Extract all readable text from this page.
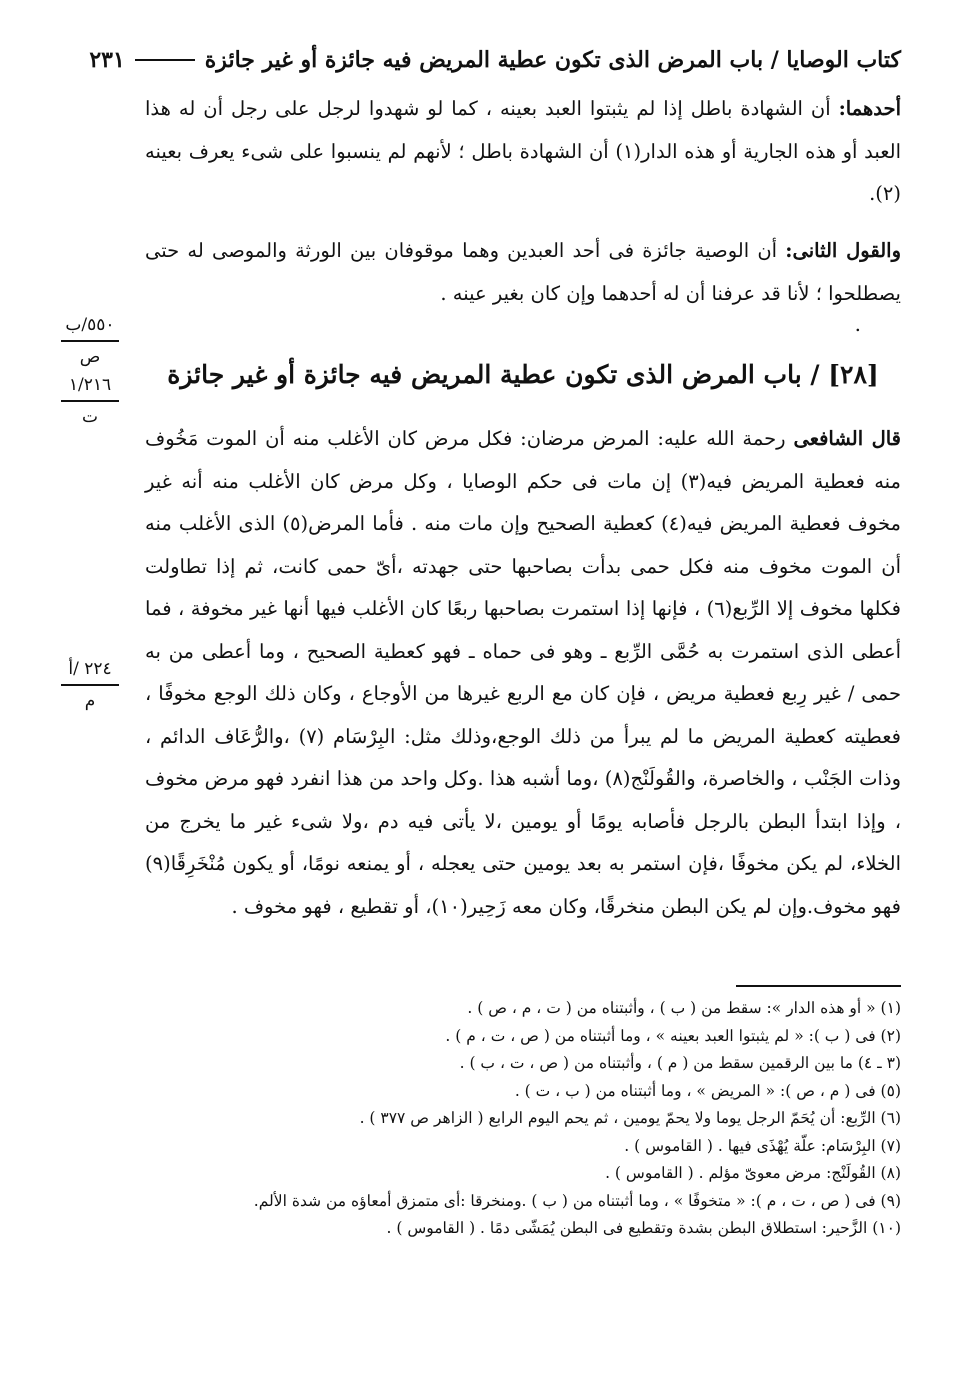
كتاب الوصايا / باب المرض الذى تكون عطية المريض فيه جائزة أو غير جائزة
٢٣١

أحدهما: أن الشهادة باطل إذا لم يثبتوا العبد بعينه ، كما لو شهدوا لرجل على رجل أن له هذا العبد أو هذه الجارية أو هذه الدار(١) أن الشهادة باطل ؛ لأنهم لم ينسبوا على شىء يعرف بعينه (٢).

والقول الثانى: أن الوصية جائزة فى أحد العبدين وهما موقوفان بين الورثة والموصى له حتى يصطلحوا ؛ لأنا قد عرفنا أن له أحدهما وإن كان بغير عينه .

.
٥٥٠/ب
ص
١/٢١٦
ت
[٢٨] / باب المرض الذى تكون عطية المريض فيه جائزة أو غير جائزة

قال الشافعى رحمة الله عليه: المرض مرضان: فكل مرض كان الأغلب منه أن الموت مَخُوف منه فعطية المريض فيه(٣) إن مات فى حكم الوصايا ، وكل مرض كان الأغلب منه أنه غير مخوف فعطية المريض فيه(٤) كعطية الصحيح وإن مات منه . فأما المرض(٥) الذى الأغلب منه أن الموت مخوف منه فكل حمى بدأت بصاحبها حتى جهدته ،أىّ حمى كانت، ثم إذا تطاولت فكلها مخوف إلا الرِّبع(٦) ، فإنها إذا استمرت بصاحبها ربعًا كان الأغلب فيها أنها غير مخوفة ، فما أعطى الذى استمرت به حُمَّى الرِّبع ـ وهو فى حماه ـ فهو كعطية الصحيح ، وما أعطى من به حمى / غير رِبع فعطية مريض ، فإن كان مع الربع غيرها من الأوجاع ، وكان ذلك الوجع مخوفًا ، فعطيته كعطية المريض ما لم يبرأ من ذلك الوجع،وذلك مثل: البِرْسَام (٧) ،والرُّعَاف الدائم ، وذات الجَنْب ، والخاصرة، والقُولَنْج(٨) ،وما أشبه هذا .وكل واحد من هذا انفرد فهو مرض مخوف ، وإذا ابتدأ البطن بالرجل فأصابه يومًا أو يومين ،لا يأتى فيه دم ،ولا شىء غير ما يخرج من الخلاء، لم يكن مخوفًا ،فإن استمر به بعد يومين حتى يعجله ، أو يمنعه نومًا، أو يكون مُنْخَرِقًا(٩) فهو مخوف.وإن لم يكن البطن منخرقًا، وكان معه زَحِير(١٠)، أو تقطيع ، فهو مخوف .

٢٢٤ /أ
م
(١) « أو هذه الدار »: سقط من ( ب ) ، وأثبتناه من ( ت ، م ، ص ) .
(٢) فى ( ب ): « لم يثبتوا العبد بعينه » ، وما أثبتناه من ( ص ، ت ، م ) .
(٣ ـ ٤) ما بين الرقمين سقط من ( م ) ، وأثبتناه من ( ص ، ت ، ب ) .
(٥) فى ( م ، ص ): « المريض » ، وما أثبتناه من ( ب ، ت ) .
(٦) الرِّبع: أن يُحَمّ الرجل يوما ولا يحمّ يومين ، ثم يحم اليوم الرابع ( الزاهر ص ٣٧٧ ) .
(٧) البِرْسَام: علّة يُهْذَى فيها . ( القاموس ) .
(٨) القُولَنْج: مرض معوىّ مؤلم . ( القاموس ) .
(٩) فى ( ص ، ت ، م ): « متخوفًا » ، وما أثبتناه من ( ب ) .ومنخرقا :أى متمزق أمعاؤه من شدة الألم.
(١٠) الزَّحير: استطلاق البطن بشدة وتقطيع فى البطن يُمَشّى دمًا . ( القاموس ) .
